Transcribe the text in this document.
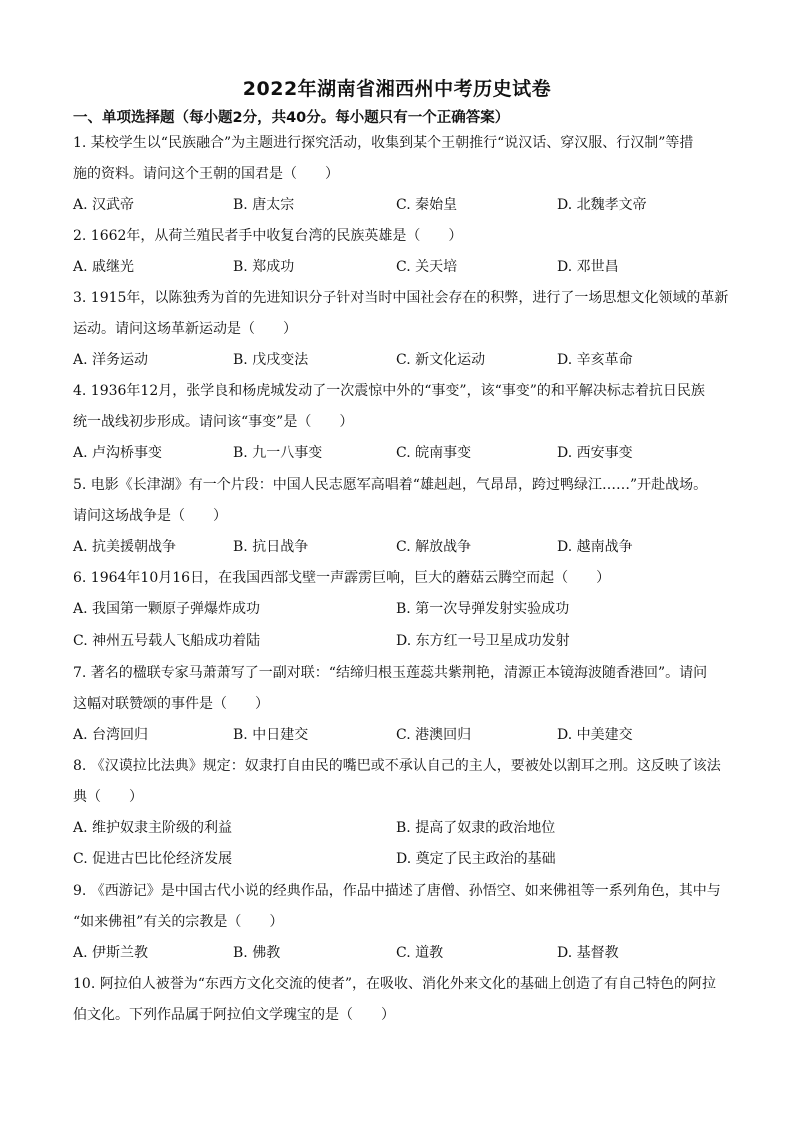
2022年湖南省湘西州中考历史试卷
一、单项选择题（每小题2分，共40分。每小题只有一个正确答案）
1. 某校学生以“民族融合”为主题进行探究活动，收集到某个王朝推行“说汉话、穿汉服、行汉制”等措
施的资料。请问这个王朝的国君是（　　）
A. 汉武帝	B. 唐太宗	C. 秦始皇	D. 北魏孝文帝
2. 1662年，从荷兰殖民者手中收复台湾的民族英雄是（　　）
A. 戚继光	B. 郑成功	C. 关天培	D. 邓世昌
3. 1915年，以陈独秀为首的先进知识分子针对当时中国社会存在的积弊，进行了一场思想文化领域的革新
运动。请问这场革新运动是（　　）
A. 洋务运动	B. 戊戌变法	C. 新文化运动	D. 辛亥革命
4. 1936年12月，张学良和杨虎城发动了一次震惊中外的“事变”，该“事变”的和平解决标志着抗日民族
统一战线初步形成。请问该“事变”是（　　）
A. 卢沟桥事变	B. 九一八事变	C. 皖南事变	D. 西安事变
5. 电影《长津湖》有一个片段：中国人民志愿军高唱着“雄赳赳，气昂昂，跨过鸭绿江……”开赴战场。
请问这场战争是（　　）
A. 抗美援朝战争	B. 抗日战争	C. 解放战争	D. 越南战争
6. 1964年10月16日，在我国西部戈壁一声霹雳巨响，巨大的蘑菇云腾空而起（　　）
A. 我国第一颗原子弹爆炸成功	B. 第一次导弹发射实验成功
C. 神州五号载人飞船成功着陆	D. 东方红一号卫星成功发射
7. 著名的楹联专家马萧萧写了一副对联：“结缔归根玉莲蕊共紫荆艳，清源正本镜海波随香港回”。请问
这幅对联赞颂的事件是（　　）
A. 台湾回归	B. 中日建交	C. 港澳回归	D. 中美建交
8. 《汉谟拉比法典》规定：奴隶打自由民的嘴巴或不承认自己的主人，要被处以割耳之刑。这反映了该法
典（　　）
A. 维护奴隶主阶级的利益	B. 提高了奴隶的政治地位
C. 促进古巴比伦经济发展	D. 奠定了民主政治的基础
9. 《西游记》是中国古代小说的经典作品，作品中描述了唐僧、孙悟空、如来佛祖等一系列角色，其中与
“如来佛祖”有关的宗教是（　　）
A. 伊斯兰教	B. 佛教	C. 道教	D. 基督教
10. 阿拉伯人被誉为“东西方文化交流的使者”，在吸收、消化外来文化的基础上创造了有自己特色的阿拉
伯文化。下列作品属于阿拉伯文学瑰宝的是（　　）
